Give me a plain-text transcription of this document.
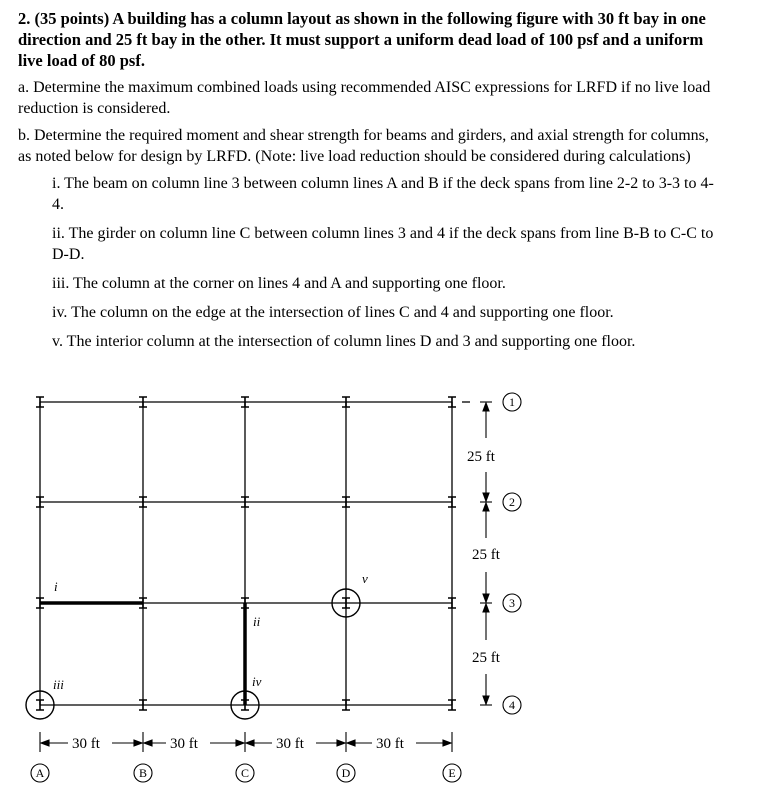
2. (35 points) A building has a column layout as shown in the following figure with 30 ft bay in one direction and 25 ft bay in the other. It must support a uniform dead load of 100 psf and a uniform live load of 80 psf.

a. Determine the maximum combined loads using recommended AISC expressions for LRFD if no live load reduction is considered.

b. Determine the required moment and shear strength for beams and girders, and axial strength for columns, as noted below for design by LRFD. (Note: live load reduction should be considered during calculations)

i. The beam on column line 3 between column lines A and B if the deck spans from line 2-2 to 3-3 to 4-4.

ii. The girder on column line C between column lines 3 and 4 if the deck spans from line B-B to C-C to D-D.

iii. The column at the corner on lines 4 and A and supporting one floor.

iv. The column on the edge at the intersection of lines C and 4 and supporting one floor.

v. The interior column at the intersection of column lines D and 3 and supporting one floor.

i
ii
iii	iv
v
25 ft
25 ft
25 ft
1
2
3
4
30 ft	30 ft	30 ft	30 ft
A	B	C	D	E
